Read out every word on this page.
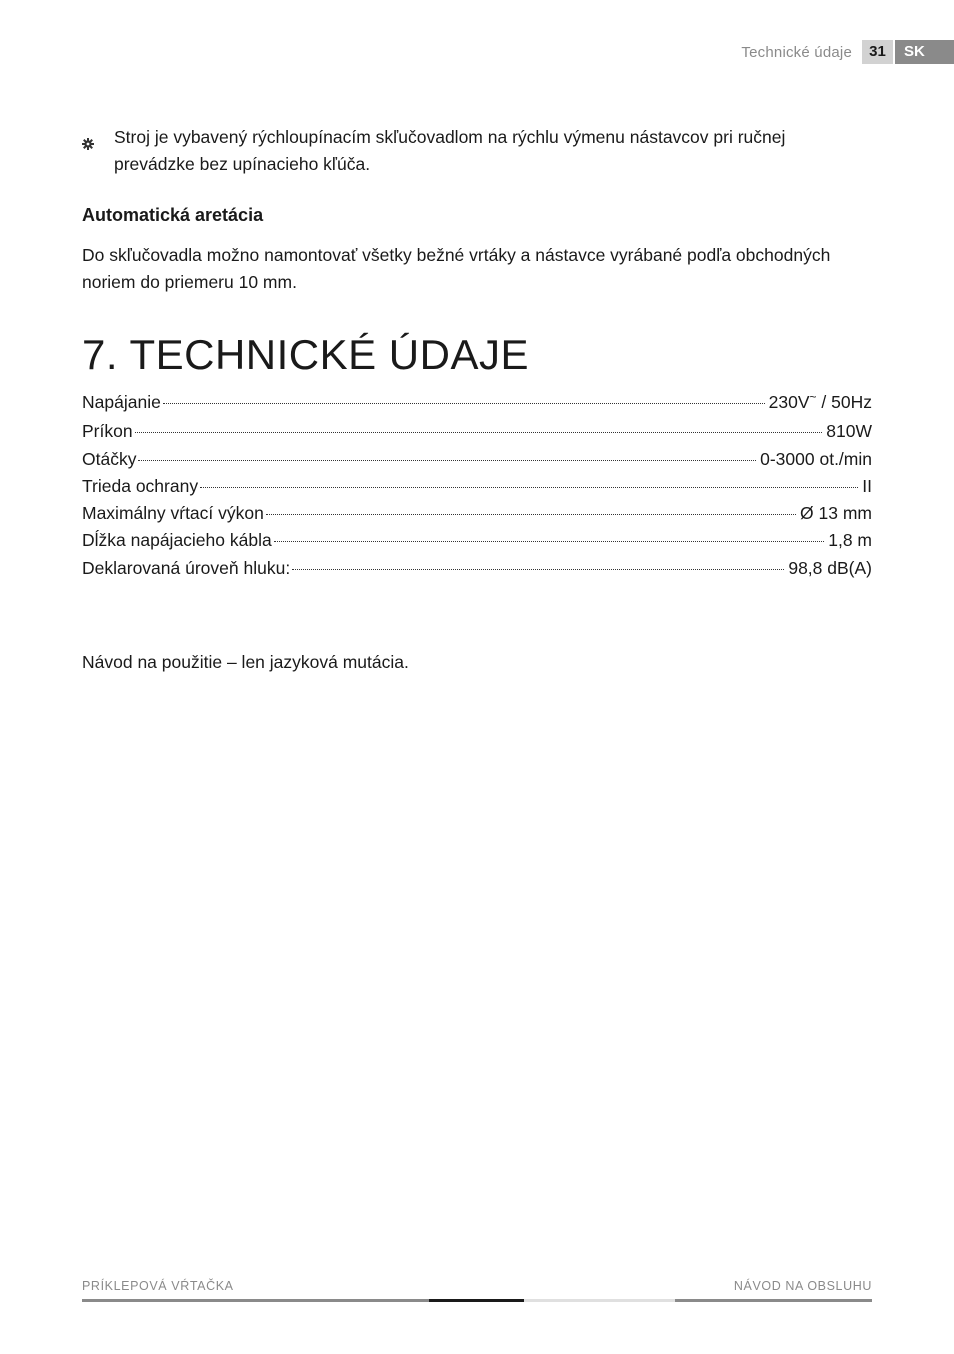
Technické údaje	31	SK
Stroj je vybavený rýchloupínacím skľučovadlom na rýchlu výmenu nástavcov pri ručnej
prevádzke bez upínacieho kľúča.
Automatická aretácia
Do skľučovadla možno namontovať všetky bežné vrtáky a nástavce vyrábané podľa obchodných
noriem do priemeru 10 mm.
7. TECHNICKÉ ÚDAJE
Napájanie	230V~ / 50Hz
Príkon	810W
Otáčky	0-3000 ot./min
Trieda ochrany	II
Maximálny vŕtací výkon	Ø 13 mm
Dĺžka napájacieho kábla	1,8 m
Deklarovaná úroveň hluku:	98,8 dB(A)
Návod na použitie – len jazyková mutácia.
PRÍKLEPOVÁ VŔTAČKA	NÁVOD NA OBSLUHU
